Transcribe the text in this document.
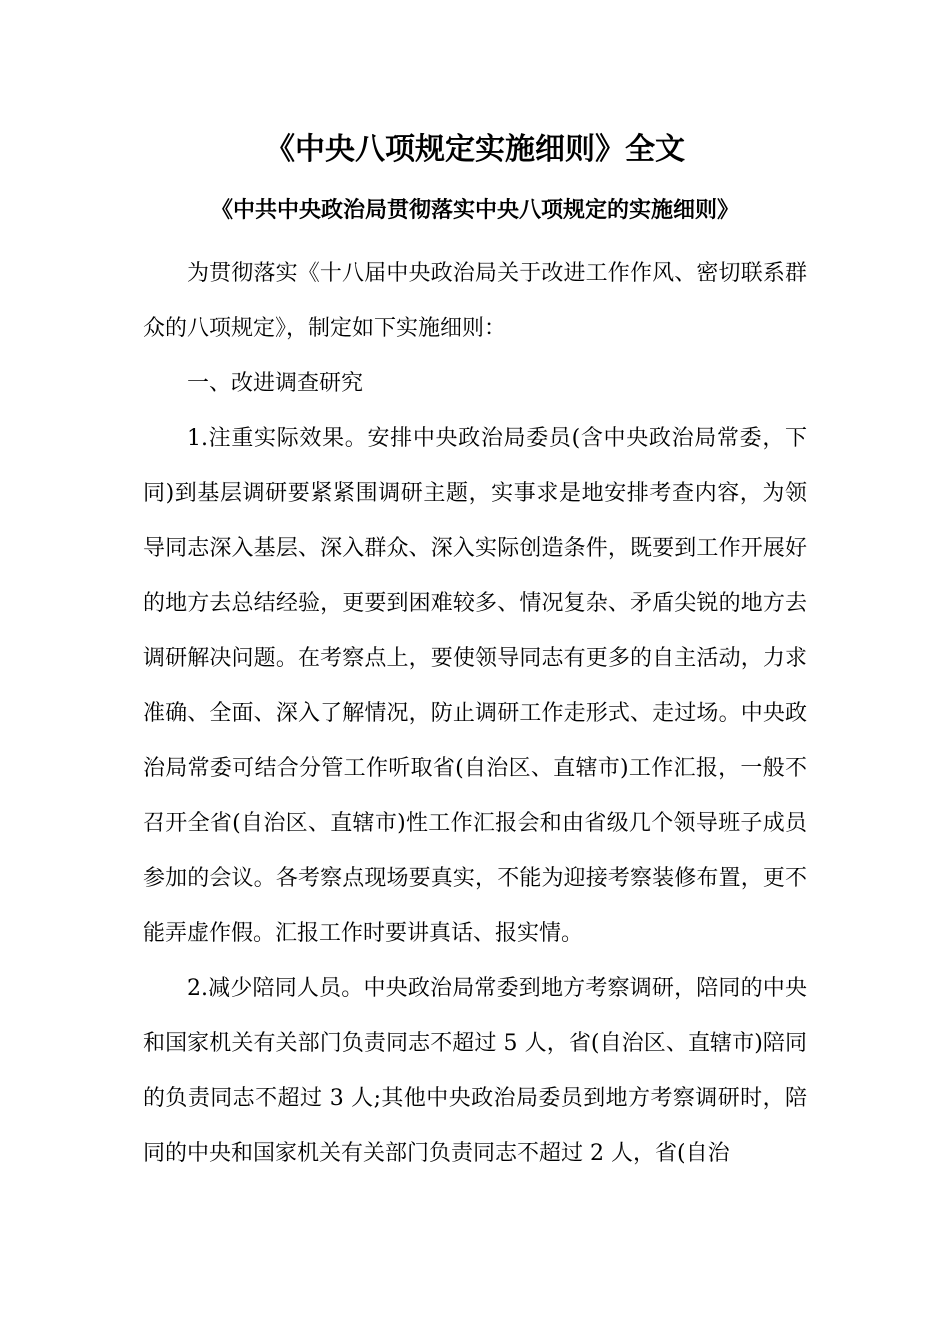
《中央八项规定实施细则》全文
《中共中央政治局贯彻落实中央八项规定的实施细则》

为贯彻落实《十八届中央政治局关于改进工作作风、密切联系群众的八项规定》，制定如下实施细则：

一、改进调查研究

1.注重实际效果。安排中央政治局委员(含中央政治局常委，下同)到基层调研要紧紧围调研主题，实事求是地安排考查内容，为领导同志深入基层、深入群众、深入实际创造条件，既要到工作开展好的地方去总结经验，更要到困难较多、情况复杂、矛盾尖锐的地方去调研解决问题。在考察点上，要使领导同志有更多的自主活动，力求准确、全面、深入了解情况，防止调研工作走形式、走过场。中央政治局常委可结合分管工作听取省(自治区、直辖市)工作汇报，一般不召开全省(自治区、直辖市)性工作汇报会和由省级几个领导班子成员参加的会议。各考察点现场要真实，不能为迎接考察装修布置，更不能弄虚作假。汇报工作时要讲真话、报实情。

2.减少陪同人员。中央政治局常委到地方考察调研，陪同的中央和国家机关有关部门负责同志不超过 5 人，省(自治区、直辖市)陪同的负责同志不超过 3 人;其他中央政治局委员到地方考察调研时，陪同的中央和国家机关有关部门负责同志不超过 2 人，省(自治
